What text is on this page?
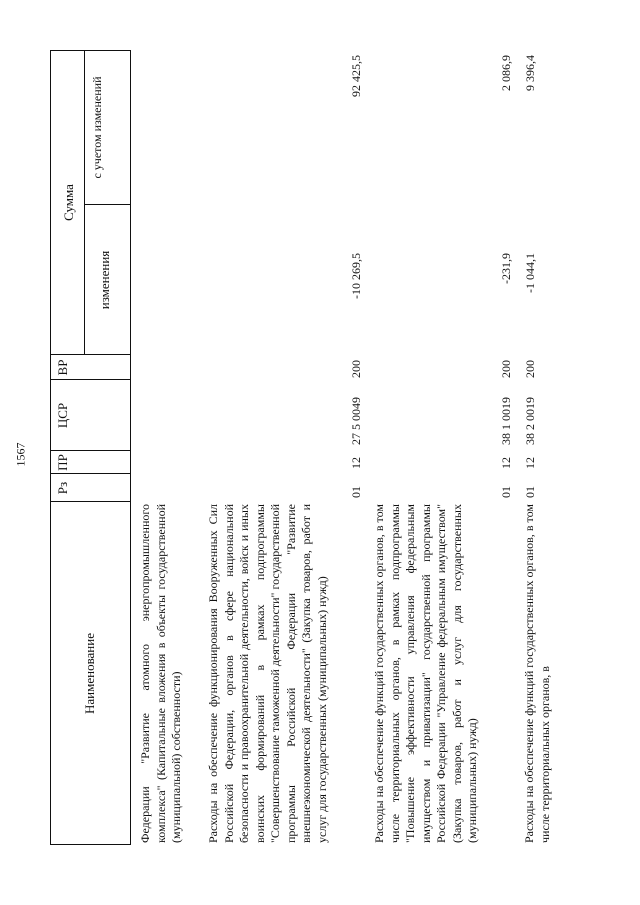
1567
Наименование
Рз
ПР
ЦСР
ВР
Сумма
изменения
с учетом изменений
Федерации "Развитие атомного энергопромышленного комплекса" (Капитальные вложения в объекты государственной (муниципальной) собственности) Расходы на обеспечение функционирования Вооруженных Сил Российской Федерации, органов в сфере национальной безопасности и правоохранительной деятельности, войск и иных воинских формирований в рамках подпрограммы "Совершенствование таможенной деятельности" государственной программы Российской Федерации "Развитие внешнеэкономической деятельности" (Закупка товаров, работ и услуг для государственных (муниципальных) нужд)
01
12
27 5 0049
200
-10 269,5
92 425,5
Расходы на обеспечение функций государственных органов, в том числе территориальных органов, в рамках подпрограммы "Повышение эффективности управления федеральным имуществом и приватизации" государственной программы Российской Федерации "Управление федеральным имуществом" (Закупка товаров, работ и услуг для государственных (муниципальных) нужд)
01
12
38 1 0019
200
-231,9
2 086,9
Расходы на обеспечение функций государственных органов, в том числе территориальных органов, в
01
12
38 2 0019
200
-1 044,1
9 396,4
